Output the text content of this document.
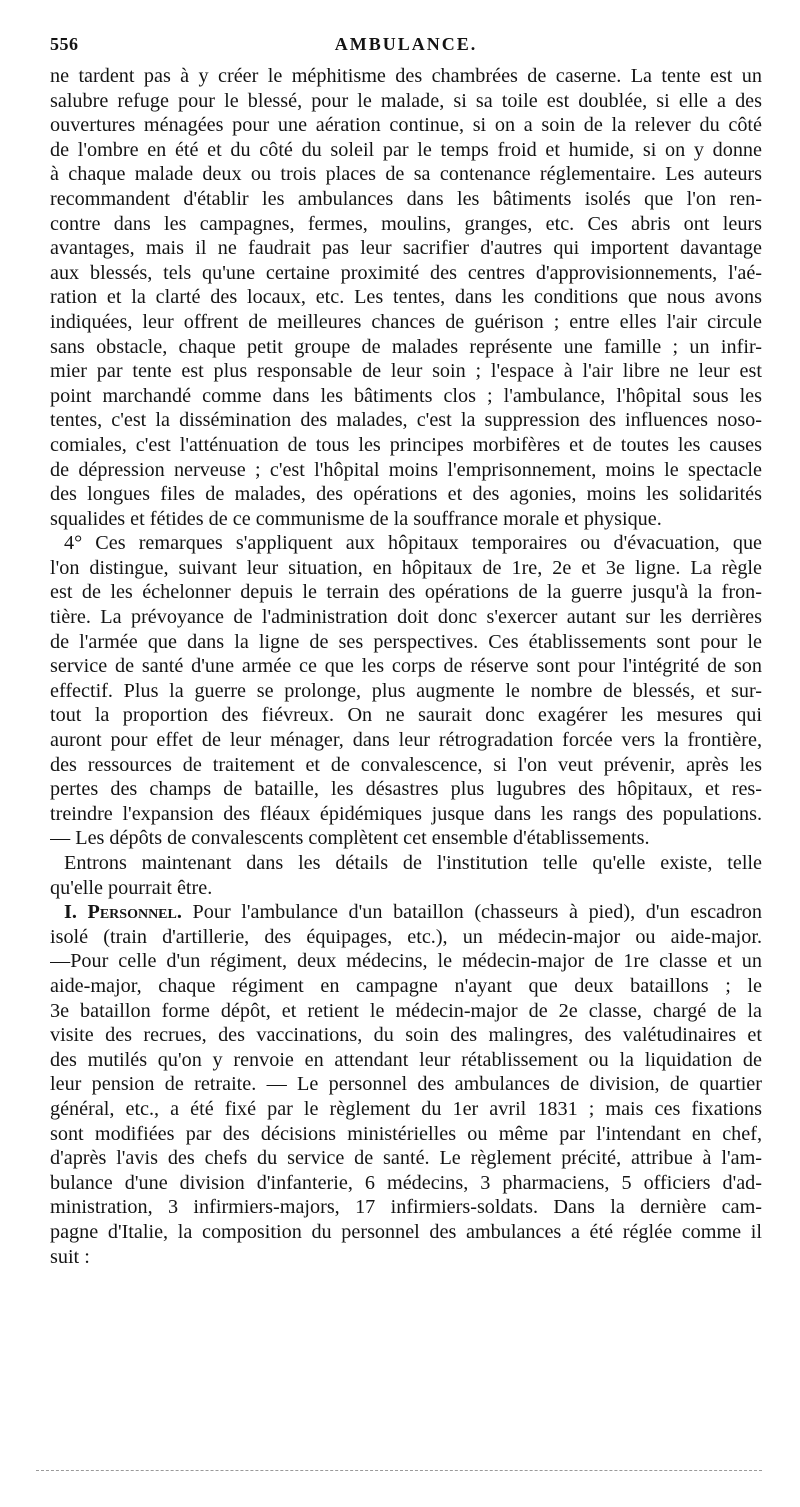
556	AMBULANCE.
ne tardent pas à y créer le méphitisme des chambrées de caserne. La tente est un
salubre refuge pour le blessé, pour le malade, si sa toile est doublée, si elle a des
ouvertures ménagées pour une aération continue, si on a soin de la relever du côté
de l'ombre en été et du côté du soleil par le temps froid et humide, si on y donne
à chaque malade deux ou trois places de sa contenance réglementaire. Les auteurs
recommandent d'établir les ambulances dans les bâtiments isolés que l'on ren-
contre dans les campagnes, fermes, moulins, granges, etc. Ces abris ont leurs
avantages, mais il ne faudrait pas leur sacrifier d'autres qui importent davantage
aux blessés, tels qu'une certaine proximité des centres d'approvisionnements, l'aé-
ration et la clarté des locaux, etc. Les tentes, dans les conditions que nous avons
indiquées, leur offrent de meilleures chances de guérison ; entre elles l'air circule
sans obstacle, chaque petit groupe de malades représente une famille ; un infir-
mier par tente est plus responsable de leur soin ; l'espace à l'air libre ne leur est
point marchandé comme dans les bâtiments clos ; l'ambulance, l'hôpital sous les
tentes, c'est la dissémination des malades, c'est la suppression des influences noso-
comiales, c'est l'atténuation de tous les principes morbifères et de toutes les causes
de dépression nerveuse ; c'est l'hôpital moins l'emprisonnement, moins le spectacle
des longues files de malades, des opérations et des agonies, moins les solidarités
squalides et fétides de ce communisme de la souffrance morale et physique.
4° Ces remarques s'appliquent aux hôpitaux temporaires ou d'évacuation, que
l'on distingue, suivant leur situation, en hôpitaux de 1re, 2e et 3e ligne. La règle
est de les échelonner depuis le terrain des opérations de la guerre jusqu'à la fron-
tière. La prévoyance de l'administration doit donc s'exercer autant sur les derrières
de l'armée que dans la ligne de ses perspectives. Ces établissements sont pour le
service de santé d'une armée ce que les corps de réserve sont pour l'intégrité de son
effectif. Plus la guerre se prolonge, plus augmente le nombre de blessés, et sur-
tout la proportion des fiévreux. On ne saurait donc exagérer les mesures qui
auront pour effet de leur ménager, dans leur rétrogradation forcée vers la frontière,
des ressources de traitement et de convalescence, si l'on veut prévenir, après les
pertes des champs de bataille, les désastres plus lugubres des hôpitaux, et res-
treindre l'expansion des fléaux épidémiques jusque dans les rangs des populations.
— Les dépôts de convalescents complètent cet ensemble d'établissements.
Entrons maintenant dans les détails de l'institution telle qu'elle existe, telle
qu'elle pourrait être.
I. Personnel. Pour l'ambulance d'un bataillon (chasseurs à pied), d'un escadron
isolé (train d'artillerie, des équipages, etc.), un médecin-major ou aide-major.
—Pour celle d'un régiment, deux médecins, le médecin-major de 1re classe et un
aide-major, chaque régiment en campagne n'ayant que deux bataillons ; le
3e bataillon forme dépôt, et retient le médecin-major de 2e classe, chargé de la
visite des recrues, des vaccinations, du soin des malingres, des valétudinaires et
des mutilés qu'on y renvoie en attendant leur rétablissement ou la liquidation de
leur pension de retraite. — Le personnel des ambulances de division, de quartier
général, etc., a été fixé par le règlement du 1er avril 1831 ; mais ces fixations
sont modifiées par des décisions ministérielles ou même par l'intendant en chef,
d'après l'avis des chefs du service de santé. Le règlement précité, attribue à l'am-
bulance d'une division d'infanterie, 6 médecins, 3 pharmaciens, 5 officiers d'ad-
ministration, 3 infirmiers-majors, 17 infirmiers-soldats. Dans la dernière cam-
pagne d'Italie, la composition du personnel des ambulances a été réglée comme il
suit :
